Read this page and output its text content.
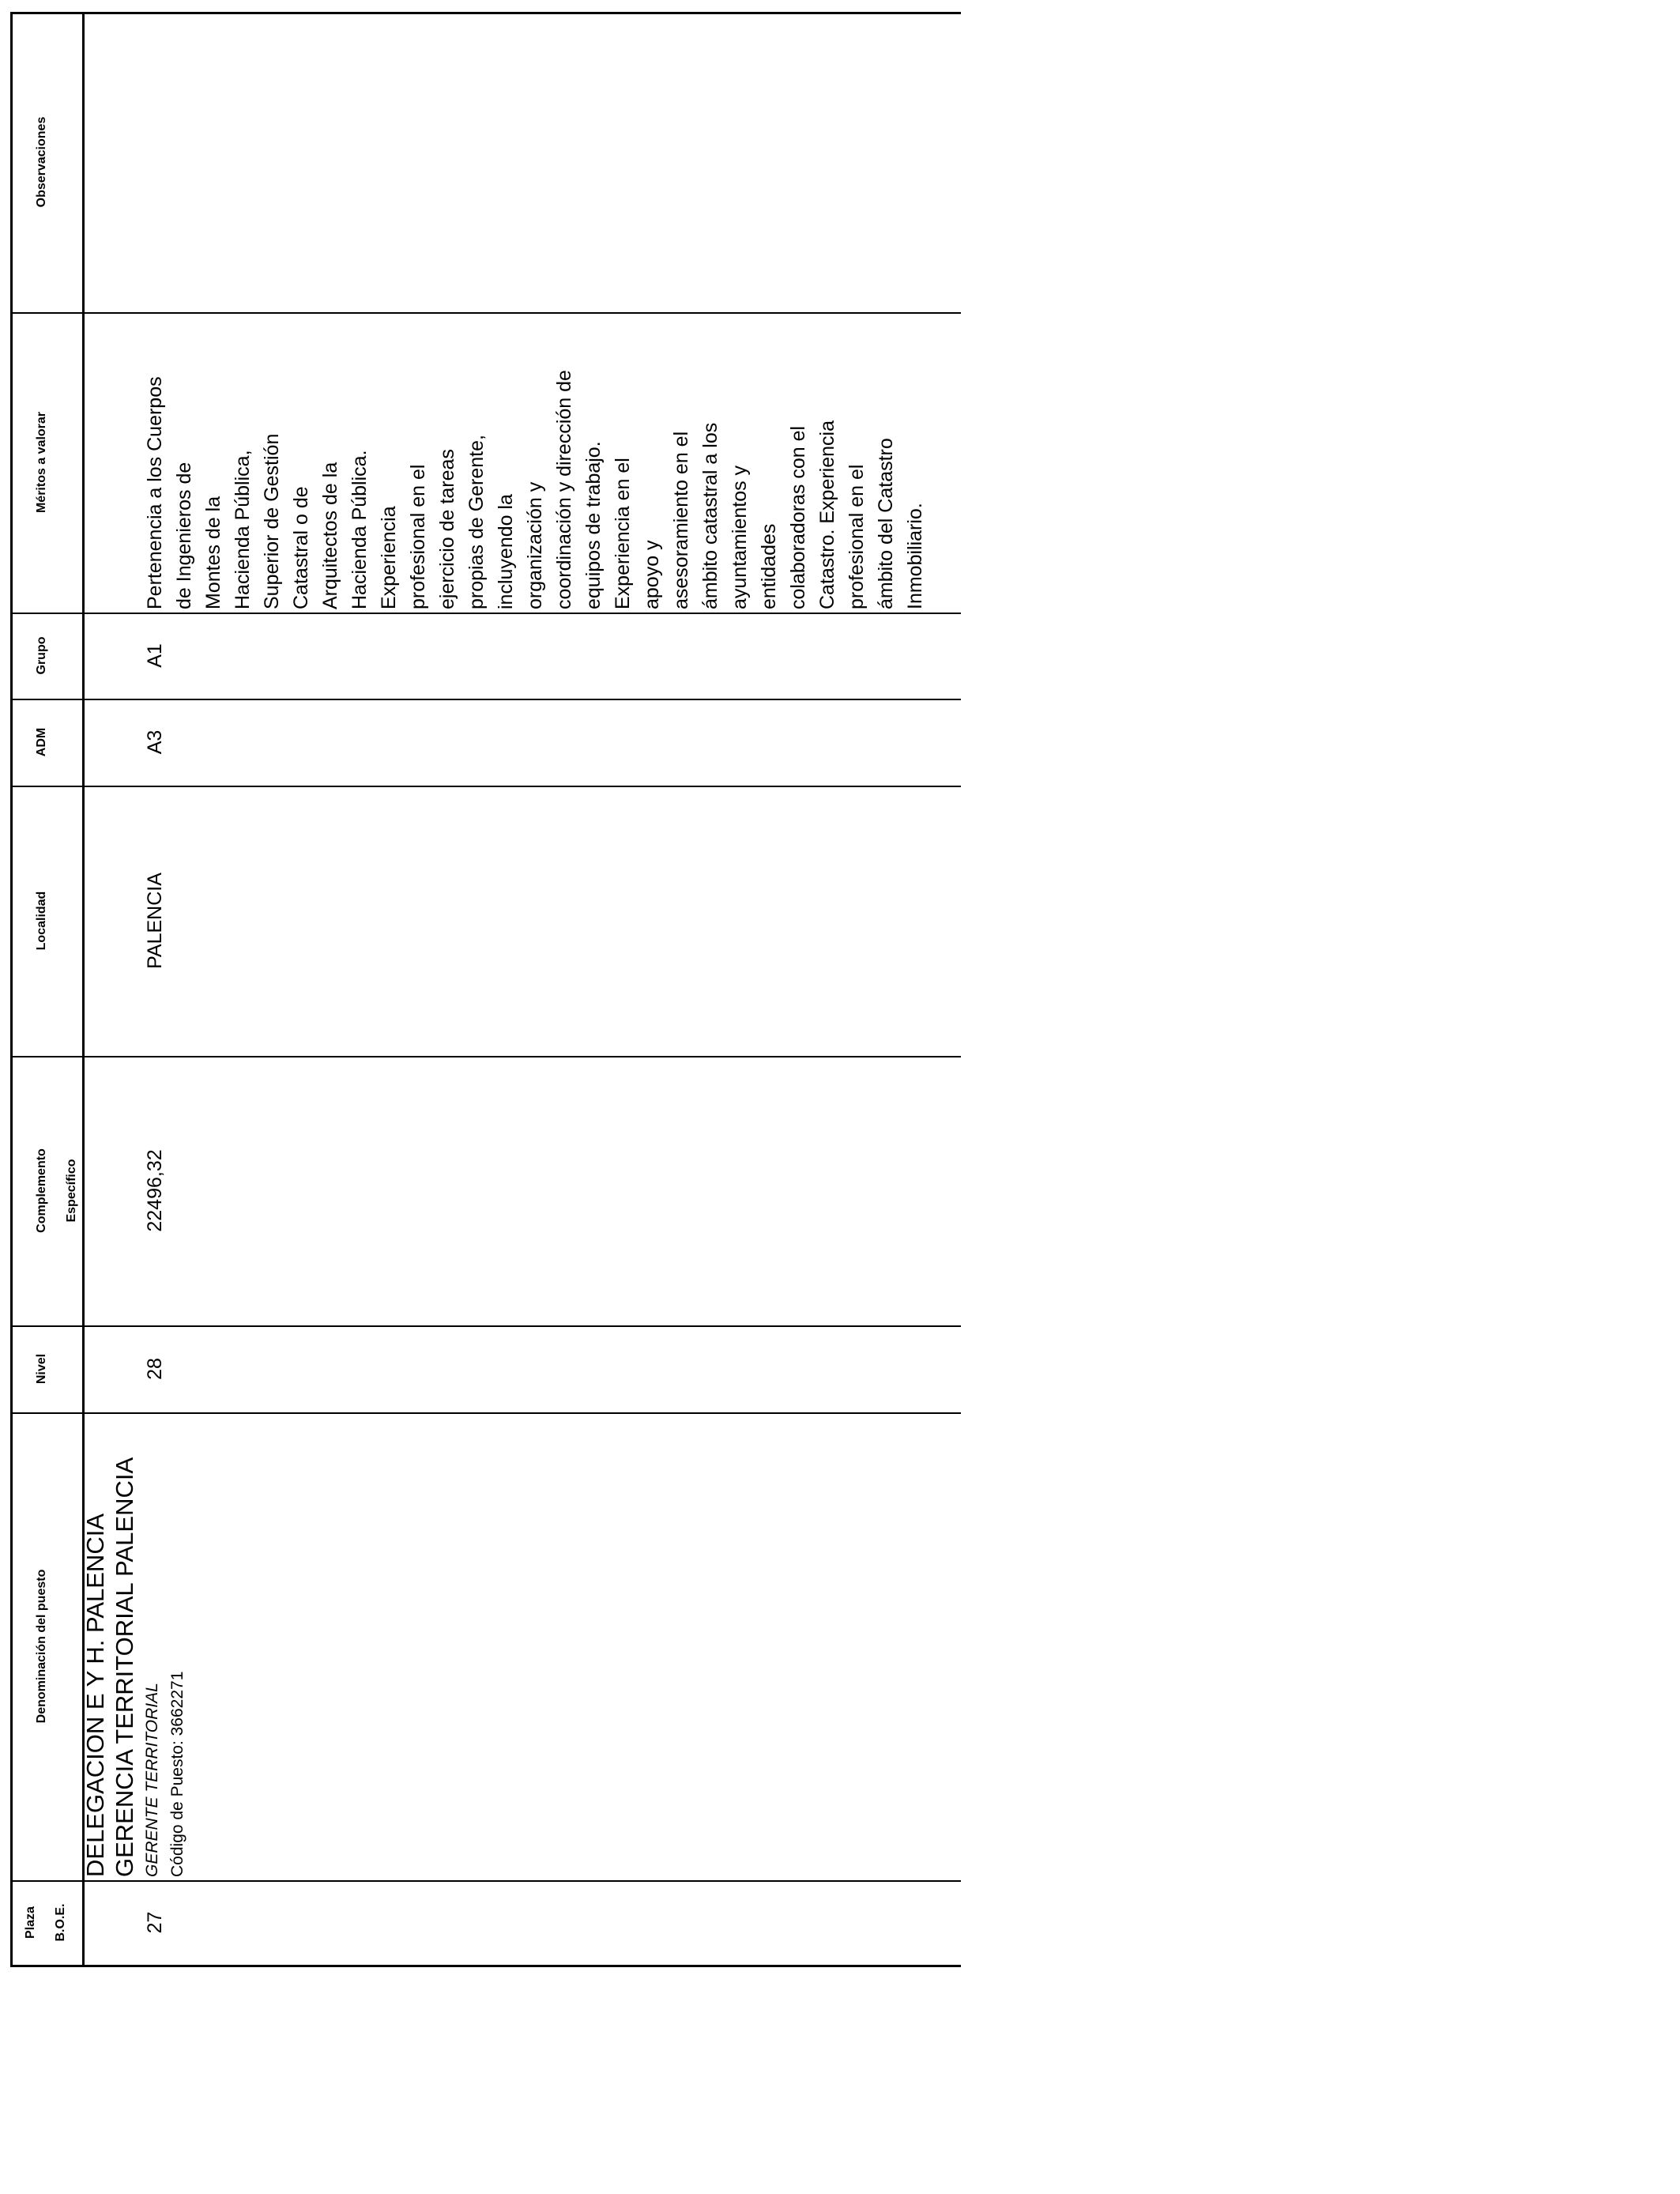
Observaciones
Méritos a valorar
Grupo
ADM
Localidad
Complemento	Específico
Nivel
Denominación del puesto
Plaza	B.O.E.
Pertenencia a los Cuerpos de Ingenieros de Montes de la Hacienda Pública, Superior de Gestión Catastral o de Arquitectos de la Hacienda Pública. Experiencia profesional en el ejercicio de tareas propias de Gerente, incluyendo la organización y coordinación y dirección de equipos de trabajo. Experiencia en el apoyo y asesoramiento en el ámbito catastral a los ayuntamientos y entidades colaboradoras con el Catastro. Experiencia profesional en el ámbito del Catastro Inmobiliario.
A1
A3
PALENCIA
22496,32
28
DELEGACION E Y H. PALENCIA GERENCIA TERRITORIAL PALENCIA GERENTE TERRITORIAL Código de Puesto: 3662271
27
